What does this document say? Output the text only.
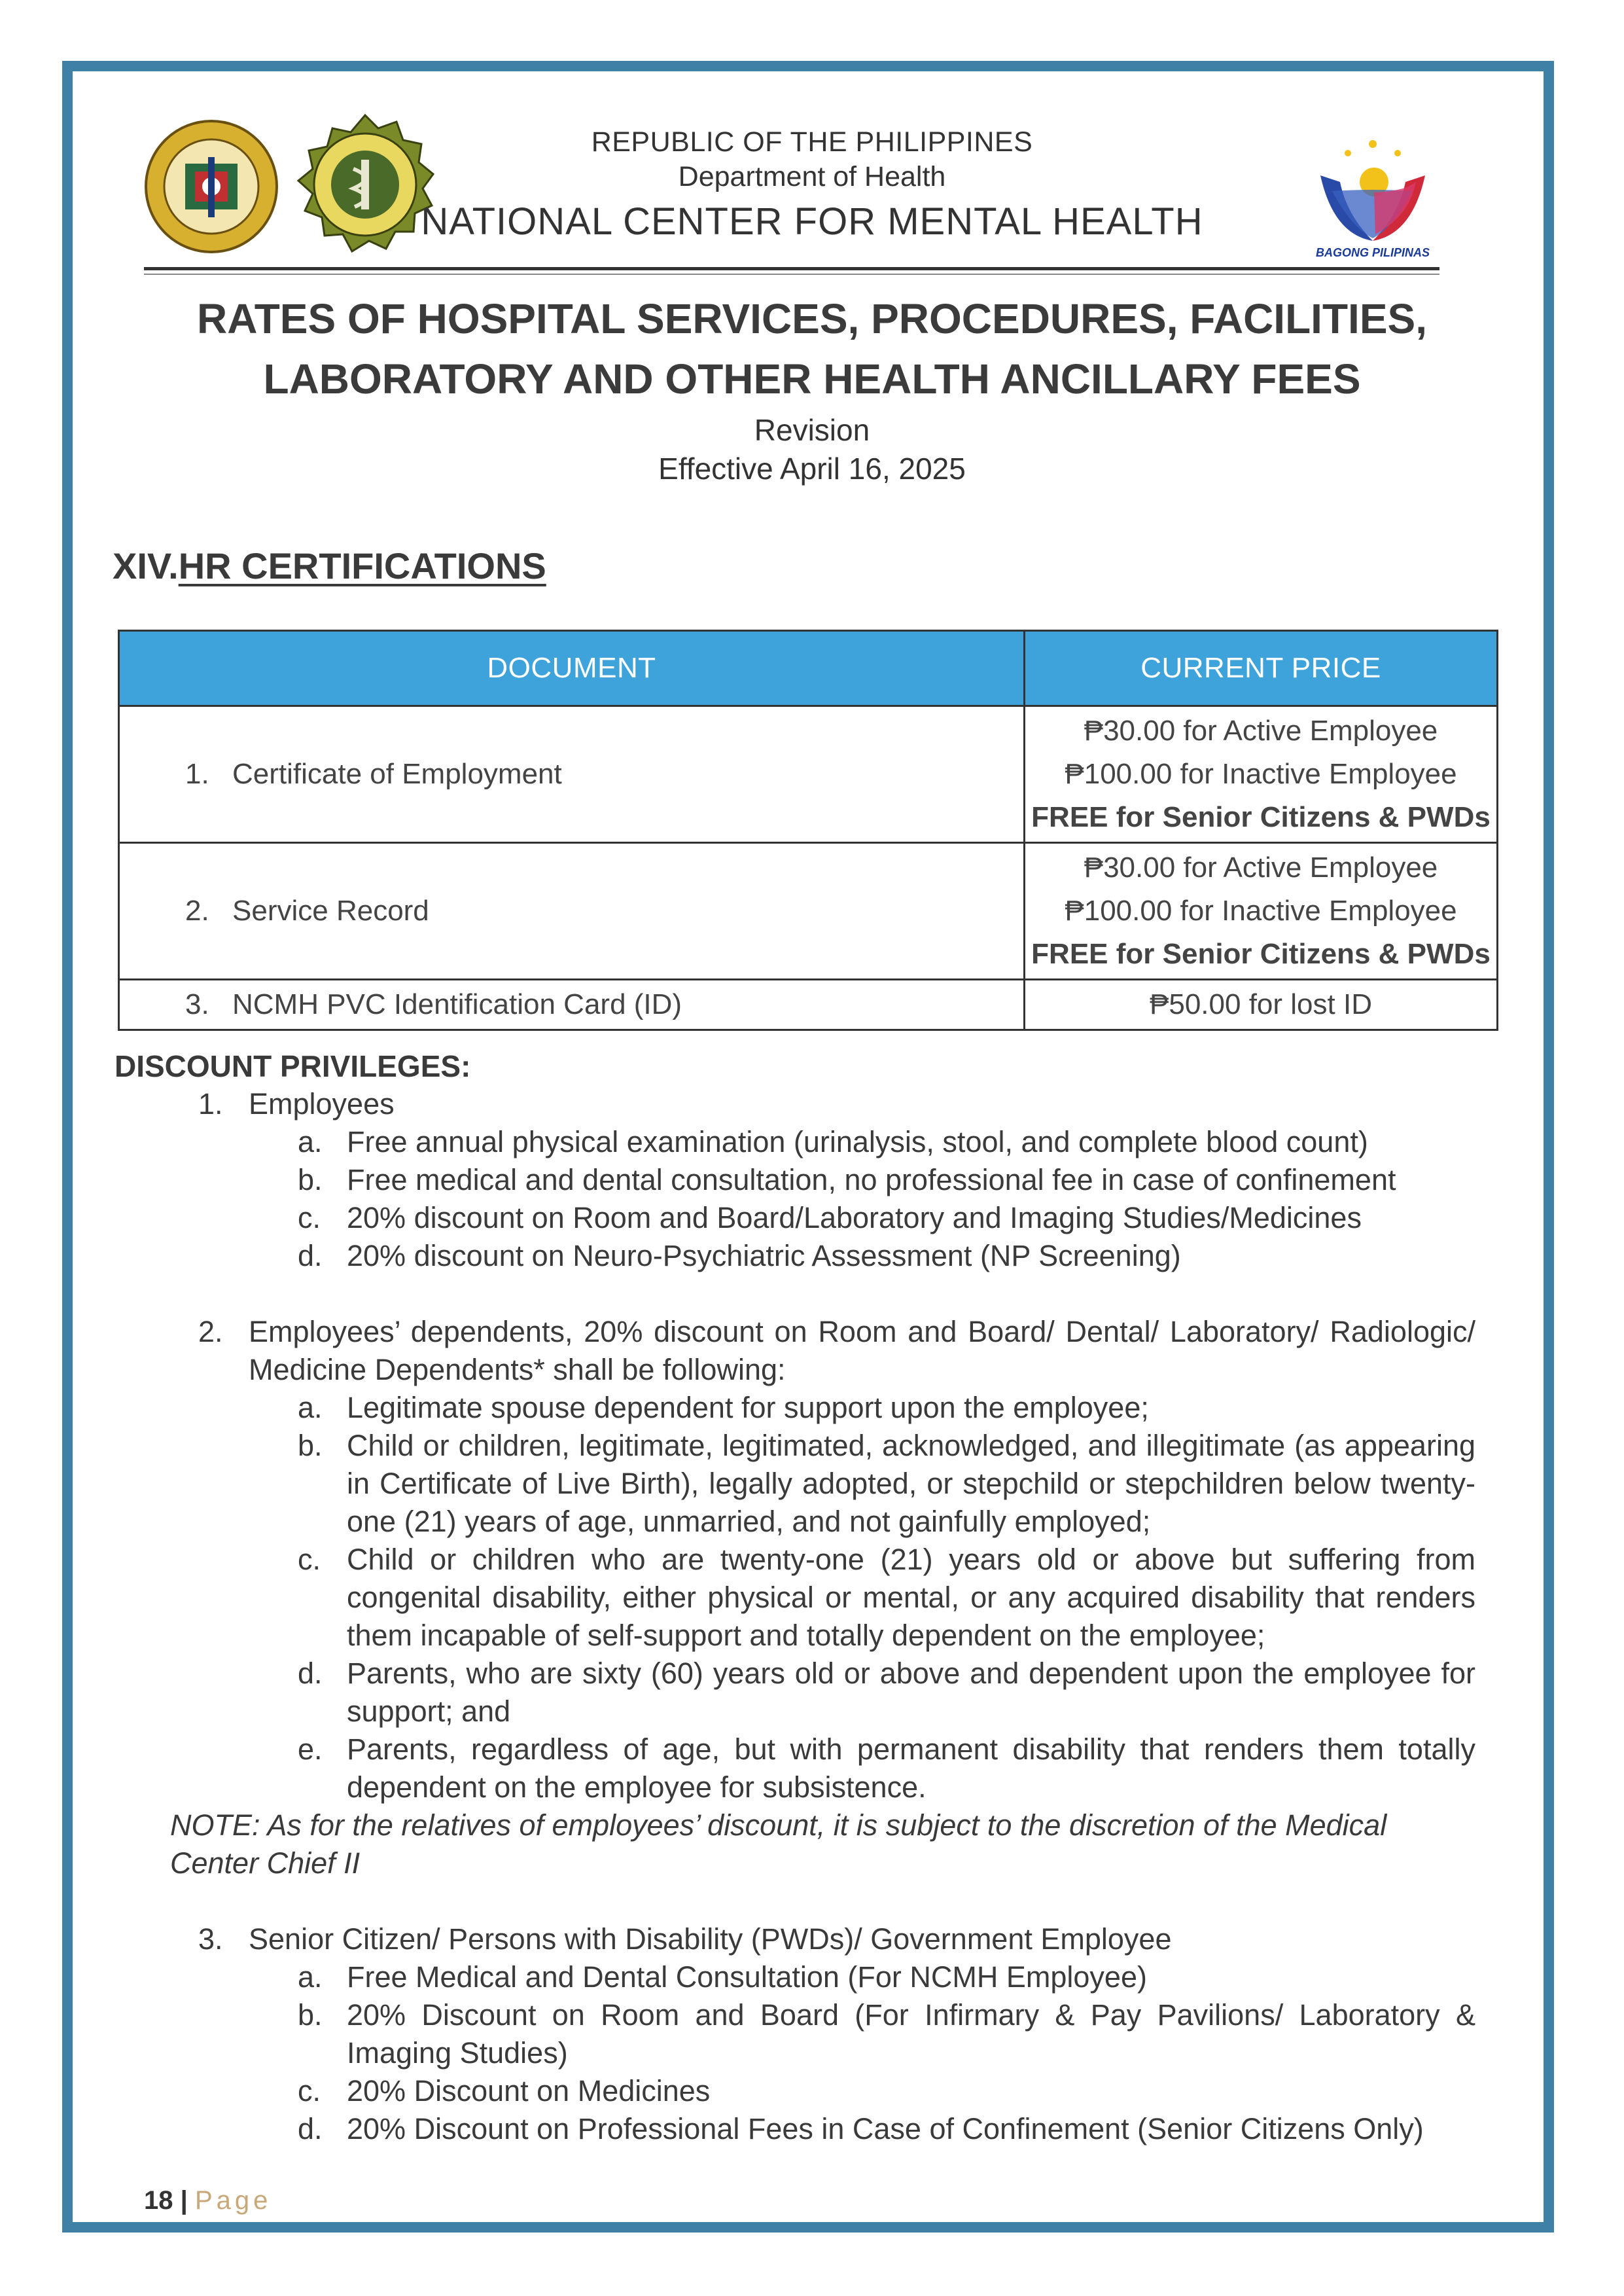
REPUBLIC OF THE PHILIPPINES
Department of Health
NATIONAL CENTER FOR MENTAL HEALTH
BAGONG PILIPINAS
RATES OF HOSPITAL SERVICES, PROCEDURES, FACILITIES,
LABORATORY AND OTHER HEALTH ANCILLARY FEES
Revision
Effective April 16, 2025
XIV.HR CERTIFICATIONS
DOCUMENT	CURRENT PRICE
1. Certificate of Employment	₱30.00 for Active Employee
₱100.00 for Inactive Employee
FREE for Senior Citizens & PWDs

2. Service Record	₱30.00 for Active Employee
₱100.00 for Inactive Employee
FREE for Senior Citizens & PWDs

3. NCMH PVC Identification Card (ID)	₱50.00 for lost ID
DISCOUNT PRIVILEGES:
1. Employees
a. Free annual physical examination (urinalysis, stool, and complete blood count)
b. Free medical and dental consultation, no professional fee in case of confinement
c. 20% discount on Room and Board/Laboratory and Imaging Studies/Medicines
d. 20% discount on Neuro-Psychiatric Assessment (NP Screening)
2. Employees’ dependents, 20% discount on Room and Board/ Dental/ Laboratory/ Radiologic/ Medicine Dependents* shall be following:
a. Legitimate spouse dependent for support upon the employee;
b. Child or children, legitimate, legitimated, acknowledged, and illegitimate (as appearing in Certificate of Live Birth), legally adopted, or stepchild or stepchildren below twenty-one (21) years of age, unmarried, and not gainfully employed;
c. Child or children who are twenty-one (21) years old or above but suffering from congenital disability, either physical or mental, or any acquired disability that renders them incapable of self-support and totally dependent on the employee;
d. Parents, who are sixty (60) years old or above and dependent upon the employee for support; and
e. Parents, regardless of age, but with permanent disability that renders them totally dependent on the employee for subsistence.
NOTE: As for the relatives of employees’ discount, it is subject to the discretion of the Medical Center Chief II
3. Senior Citizen/ Persons with Disability (PWDs)/ Government Employee
a. Free Medical and Dental Consultation (For NCMH Employee)
b. 20% Discount on Room and Board (For Infirmary & Pay Pavilions/ Laboratory & Imaging Studies)
c. 20% Discount on Medicines
d. 20% Discount on Professional Fees in Case of Confinement (Senior Citizens Only)
18 | Page
